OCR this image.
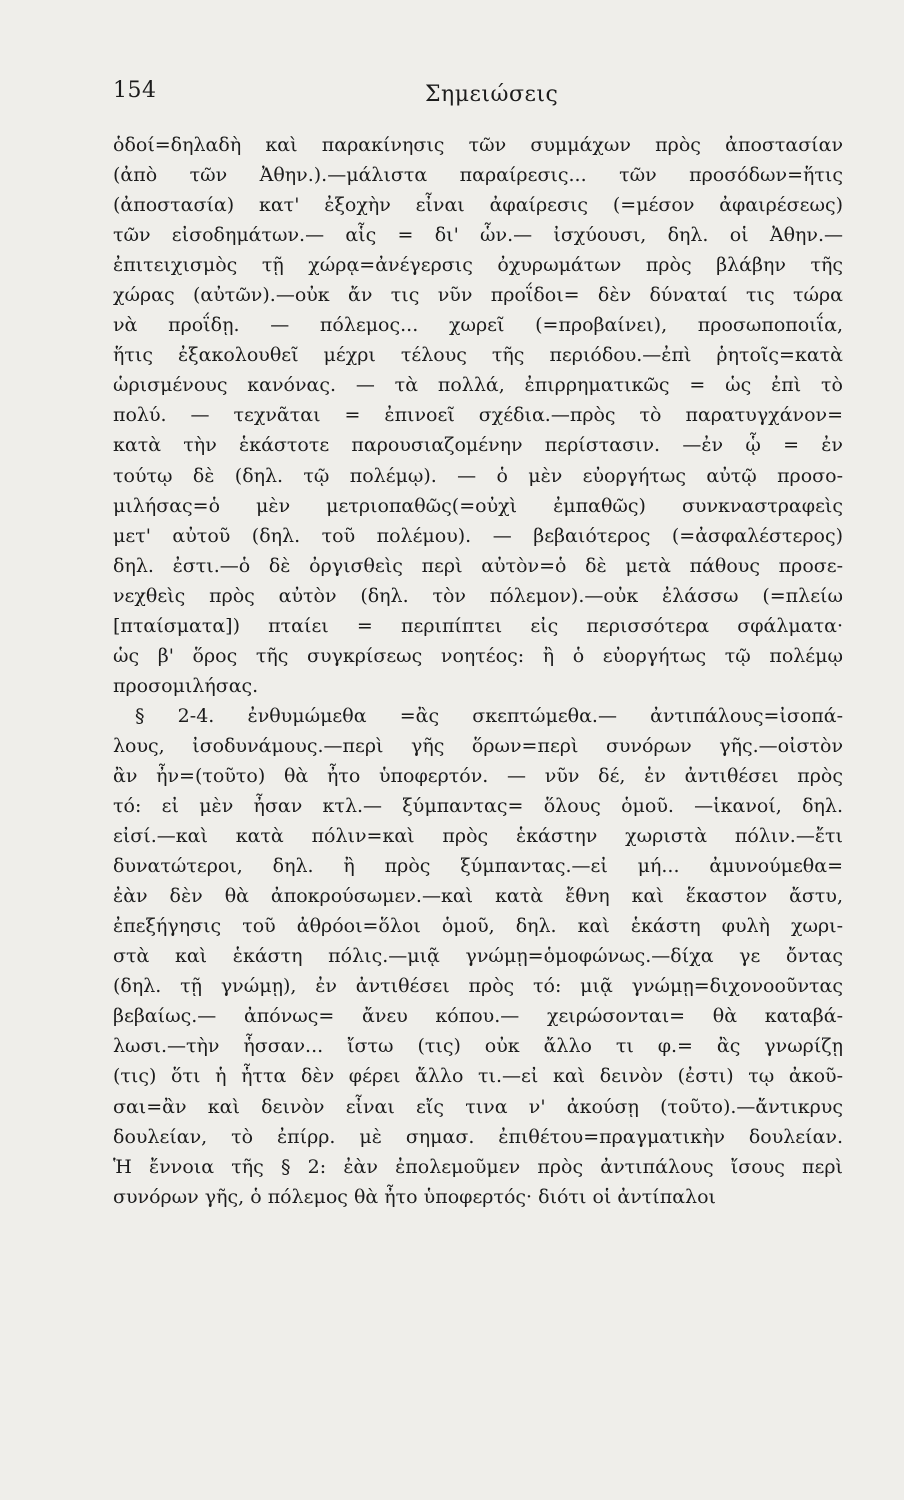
154	Σημειώσεις
ὁδοί=δηλαδὴ καὶ παρακίνησις τῶν συμμάχων πρὸς ἀποστασίαν
(ἀπὸ τῶν Ἀθην.).—μάλιστα παραίρεσις... τῶν προσόδων=ἥτις
(ἀποστασία) κατ' ἐξοχὴν εἶναι ἀφαίρεσις (=μέσον ἀφαιρέσεως)
τῶν εἰσοδημάτων.— αἷς = δι' ὧν.— ἰσχύουσι, δηλ. οἱ Ἀθην.—
ἐπιτειχισμὸς τῇ χώρᾳ=ἀνέγερσις ὀχυρωμάτων πρὸς βλάβην τῆς
χώρας (αὐτῶν).—οὐκ ἄν τις νῦν προΐδοι= δὲν δύναταί τις τώρα
νὰ προΐδῃ. — πόλεμος... χωρεῖ (=προβαίνει), προσωποποιΐα,
ἥτις ἐξακολουθεῖ μέχρι τέλους τῆς περιόδου.—ἐπὶ ῥητοῖς=κατὰ
ὡρισμένους κανόνας. — τὰ πολλά, ἐπιρρηματικῶς = ὡς ἐπὶ τὸ
πολύ. — τεχνᾶται = ἐπινοεῖ σχέδια.—πρὸς τὸ παρατυγχάνον=
κατὰ τὴν ἑκάστοτε παρουσιαζομένην περίστασιν. —ἐν ᾧ = ἐν
τούτῳ δὲ (δηλ. τῷ πολέμῳ). — ὁ μὲν εὐοργήτως αὐτῷ προσο-
μιλήσας=ὁ μὲν μετριοπαθῶς(=οὐχὶ ἐμπαθῶς) συνκναστραφεὶς
μετ' αὐτοῦ (δηλ. τοῦ πολέμου). — βεβαιότερος (=ἀσφαλέστερος)
δηλ. ἐστι.—ὁ δὲ ὀργισθεὶς περὶ αὐτὸν=ὁ δὲ μετὰ πάθους προσε-
νεχθεὶς πρὸς αὐτὸν (δηλ. τὸν πόλεμον).—οὐκ ἐλάσσω (=πλείω
[πταίσματα]) πταίει = περιπίπτει εἰς περισσότερα σφάλματα·
ὡς β' ὅρος τῆς συγκρίσεως νοητέος: ἢ ὁ εὐοργήτως τῷ πολέμῳ
προσομιλήσας.
§ 2-4. ἐνθυμώμεθα =ἂς σκεπτώμεθα.— ἀντιπάλους=ἰσοπά-
λους, ἰσοδυνάμους.—περὶ γῆς ὅρων=περὶ συνόρων γῆς.—οἰστὸν
ἂν ἦν=(τοῦτο) θὰ ἦτο ὑποφερτόν. — νῦν δέ, ἐν ἀντιθέσει πρὸς
τό: εἰ μὲν ἦσαν κτλ.— ξύμπαντας= ὅλους ὁμοῦ. —ἱκανοί, δηλ.
εἰσί.—καὶ κατὰ πόλιν=καὶ πρὸς ἑκάστην χωριστὰ πόλιν.—ἔτι
δυνατώτεροι, δηλ. ἢ πρὸς ξύμπαντας.—εἰ μή... ἀμυνούμεθα=
ἐὰν δὲν θὰ ἀποκρούσωμεν.—καὶ κατὰ ἔθνη καὶ ἕκαστον ἄστυ,
ἐπεξήγησις τοῦ ἀθρόοι=ὅλοι ὁμοῦ, δηλ. καὶ ἑκάστη φυλὴ χωρι-
στὰ καὶ ἑκάστη πόλις.—μιᾷ γνώμῃ=ὁμοφώνως.—δίχα γε ὄντας
(δηλ. τῇ γνώμῃ), ἐν ἀντιθέσει πρὸς τό: μιᾷ γνώμῃ=διχονοοῦντας
βεβαίως.— ἀπόνως= ἄνευ κόπου.— χειρώσονται= θὰ καταβά-
λωσι.—τὴν ἧσσαν... ἴστω (τις) οὐκ ἄλλο τι φ.= ἂς γνωρίζῃ
(τις) ὅτι ἡ ἧττα δὲν φέρει ἄλλο τι.—εἰ καὶ δεινὸν (ἐστι) τῳ ἀκοῦ-
σαι=ἂν καὶ δεινὸν εἶναι εἴς τινα ν' ἀκούσῃ (τοῦτο).—ἄντικρυς
δουλείαν, τὸ ἐπίρρ. μὲ σημασ. ἐπιθέτου=πραγματικὴν δουλείαν.
Ἡ ἔννοια τῆς § 2: ἐὰν ἐπολεμοῦμεν πρὸς ἀντιπάλους ἴσους περὶ
συνόρων γῆς, ὁ πόλεμος θὰ ἦτο ὑποφερτός· διότι οἱ ἀντίπαλοι
